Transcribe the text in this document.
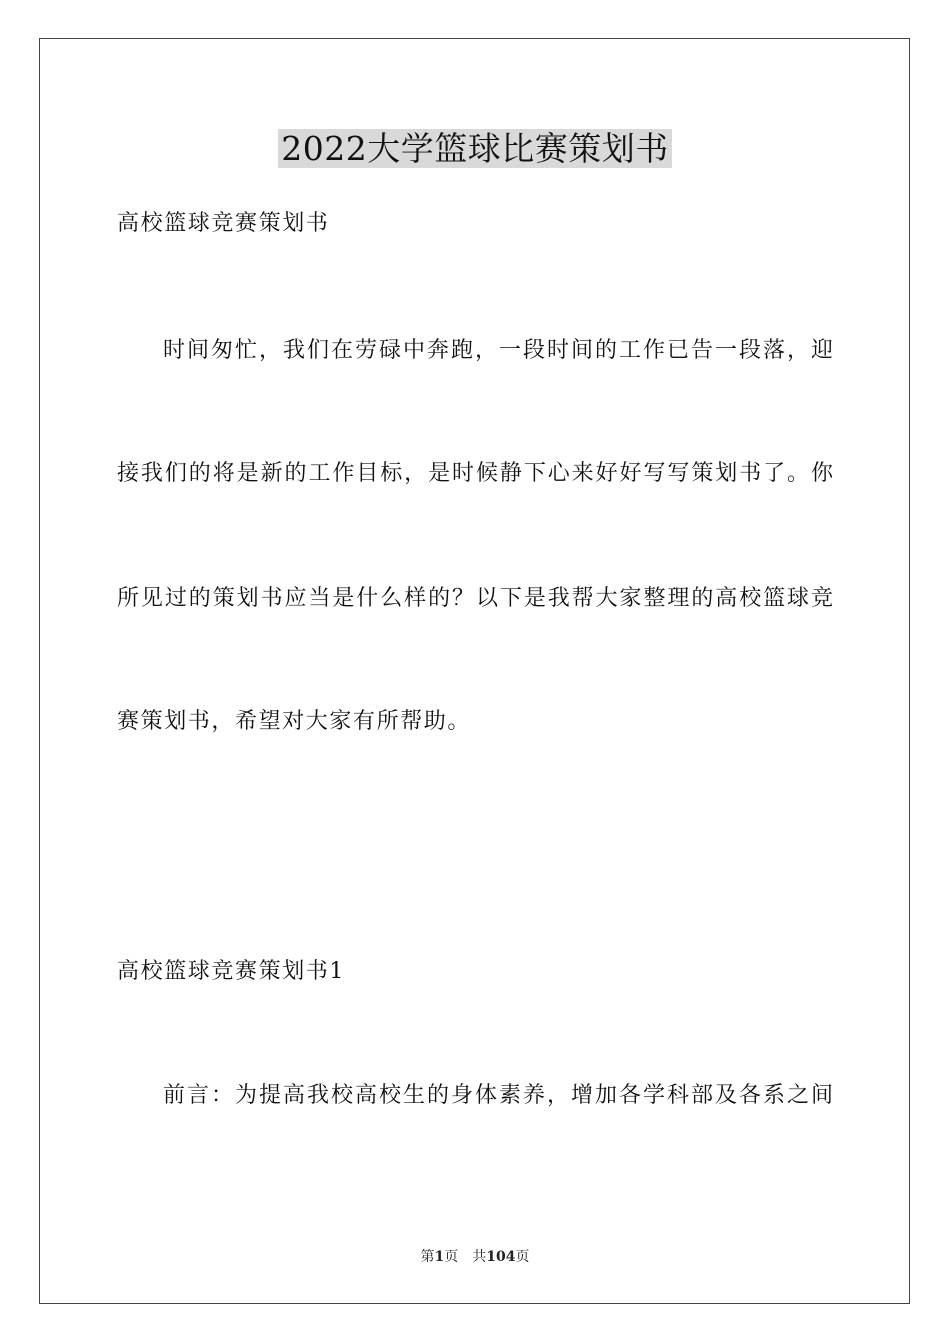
2022大学篮球比赛策划书
高校篮球竞赛策划书
时间匆忙，我们在劳碌中奔跑，一段时间的工作已告一段落，迎
接我们的将是新的工作目标，是时候静下心来好好写写策划书了。你
所见过的策划书应当是什么样的？以下是我帮大家整理的高校篮球竞
赛策划书，希望对大家有所帮助。
高校篮球竞赛策划书1
前言：为提高我校高校生的身体素养，增加各学科部及各系之间
第1页 共104页
